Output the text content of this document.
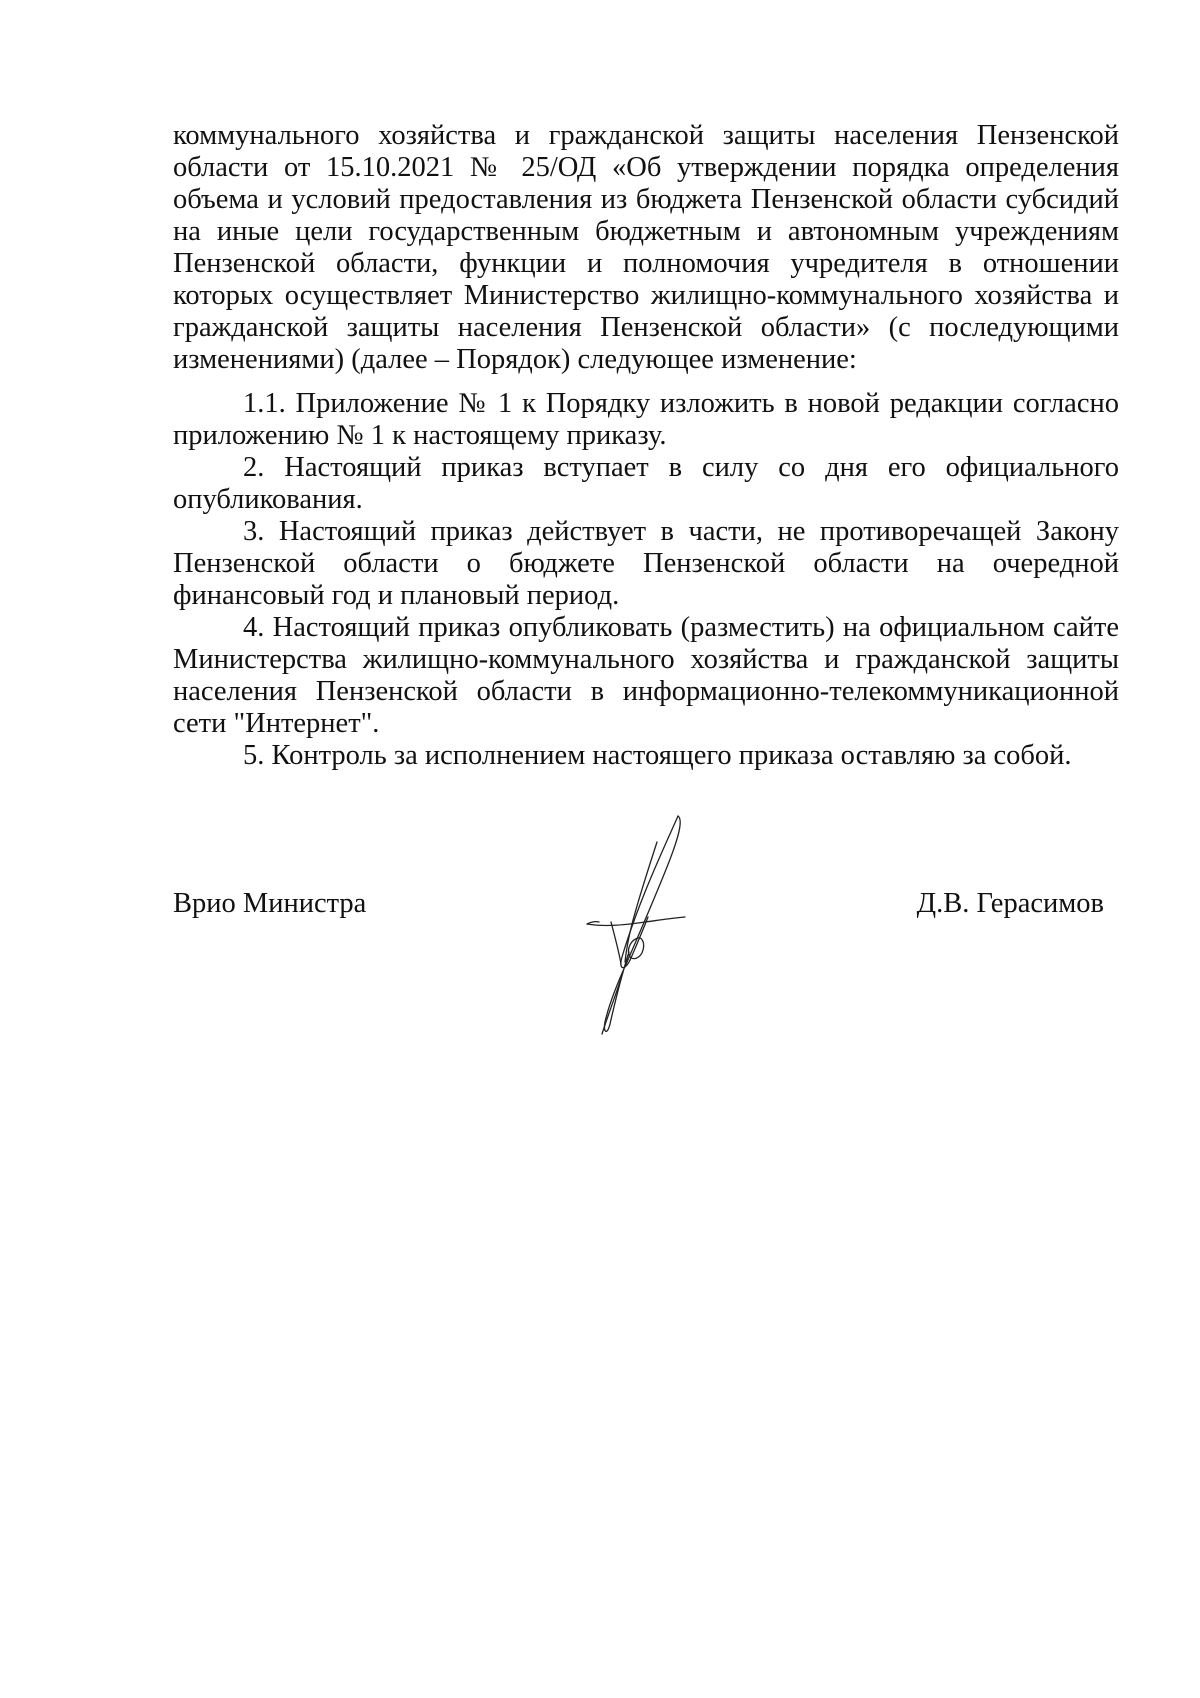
коммунального хозяйства и гражданской защиты населения Пензенской области от 15.10.2021 № 25/ОД «Об утверждении порядка определения объема и условий предоставления из бюджета Пензенской области субсидий на иные цели государственным бюджетным и автономным учреждениям Пензенской области, функции и полномочия учредителя в отношении которых осуществляет Министерство жилищно-коммунального хозяйства и гражданской защиты населения Пензенской области» (с последующими изменениями) (далее – Порядок) следующее изменение:

1.1. Приложение № 1 к Порядку изложить в новой редакции согласно приложению № 1 к настоящему приказу.

2. Настоящий приказ вступает в силу со дня его официального опубликования.

3. Настоящий приказ действует в части, не противоречащей Закону Пензенской области о бюджете Пензенской области на очередной финансовый год и плановый период.

4. Настоящий приказ опубликовать (разместить) на официальном сайте Министерства жилищно-коммунального хозяйства и гражданской защиты населения Пензенской области в информационно-телекоммуникационной сети "Интернет".

5. Контроль за исполнением настоящего приказа оставляю за собой.

Врио Министра	Д.В. Герасимов
